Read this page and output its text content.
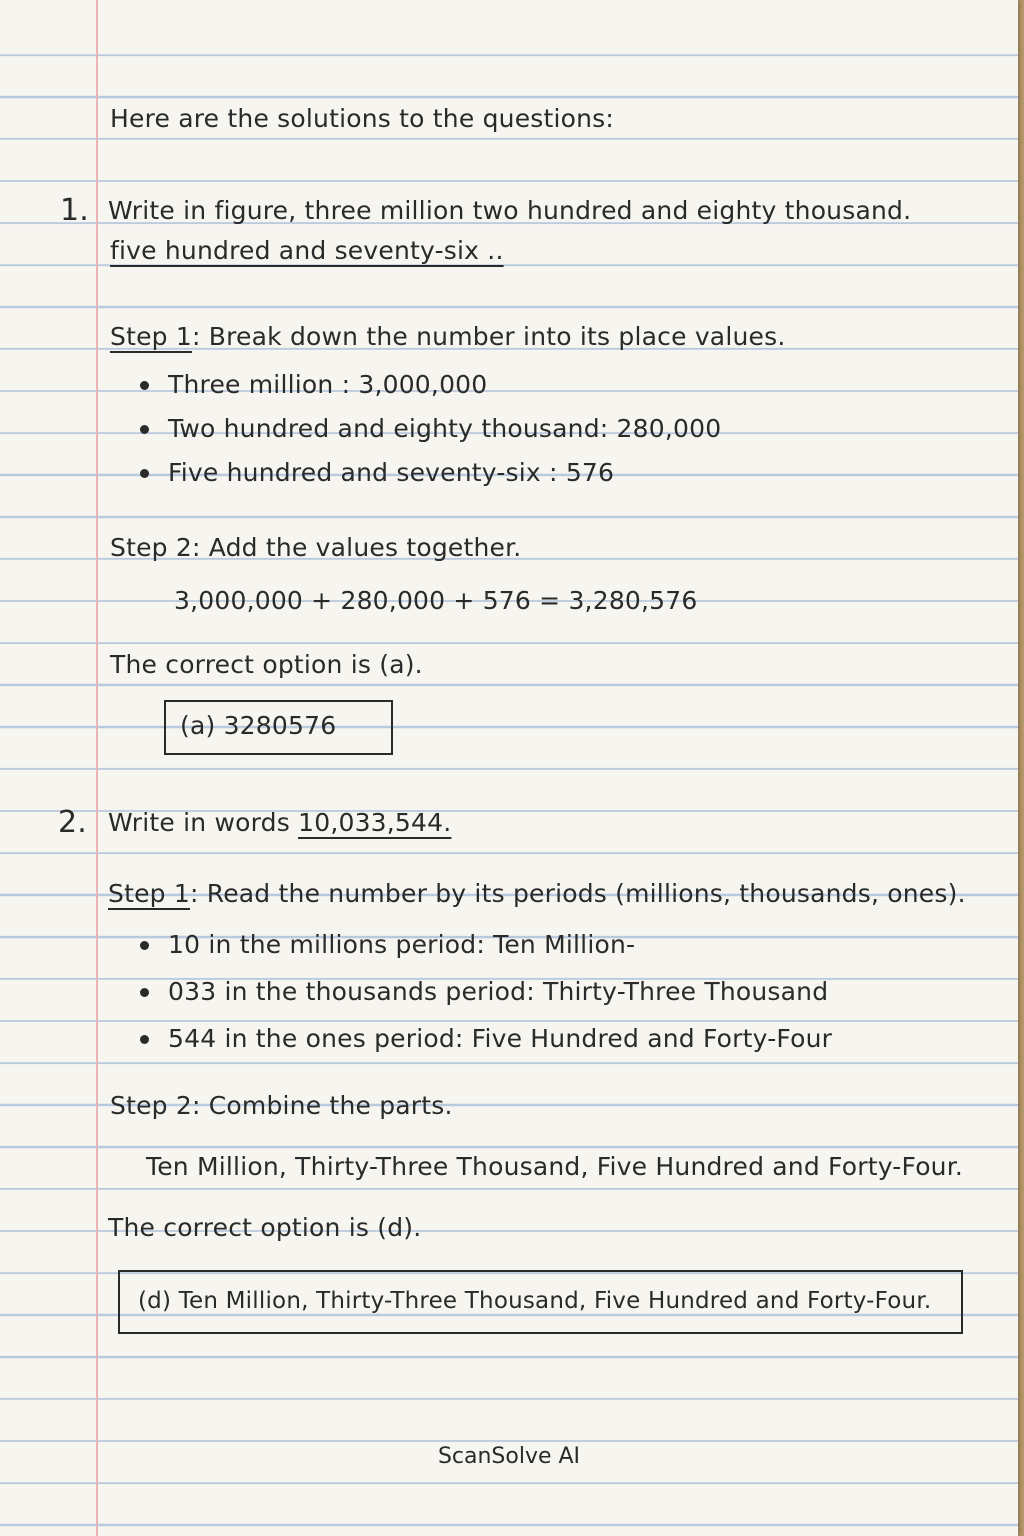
Here are the solutions to the questions:
1. Write in figure, three million two hundred and eighty thousand.
five hundred and seventy-six ..
Step 1: Break down the number into its place values.
Three million : 3,000,000
Two hundred and eighty thousand: 280,000
Five hundred and seventy-six : 576
Step 2: Add the values together.
3,000,000 + 280,000 + 576 = 3,280,576
The correct option is (a).
(a) 3280576
2. Write in words 10,033,544.
Step 1: Read the number by its periods (millions, thousands, ones).
10 in the millions period: Ten Million-
033 in the thousands period: Thirty-Three Thousand
544 in the ones period: Five Hundred and Forty-Four
Step 2: Combine the parts.
Ten Million, Thirty-Three Thousand, Five Hundred and Forty-Four.
The correct option is (d).
(d) Ten Million, Thirty-Three Thousand, Five Hundred and Forty-Four.
ScanSolve AI
